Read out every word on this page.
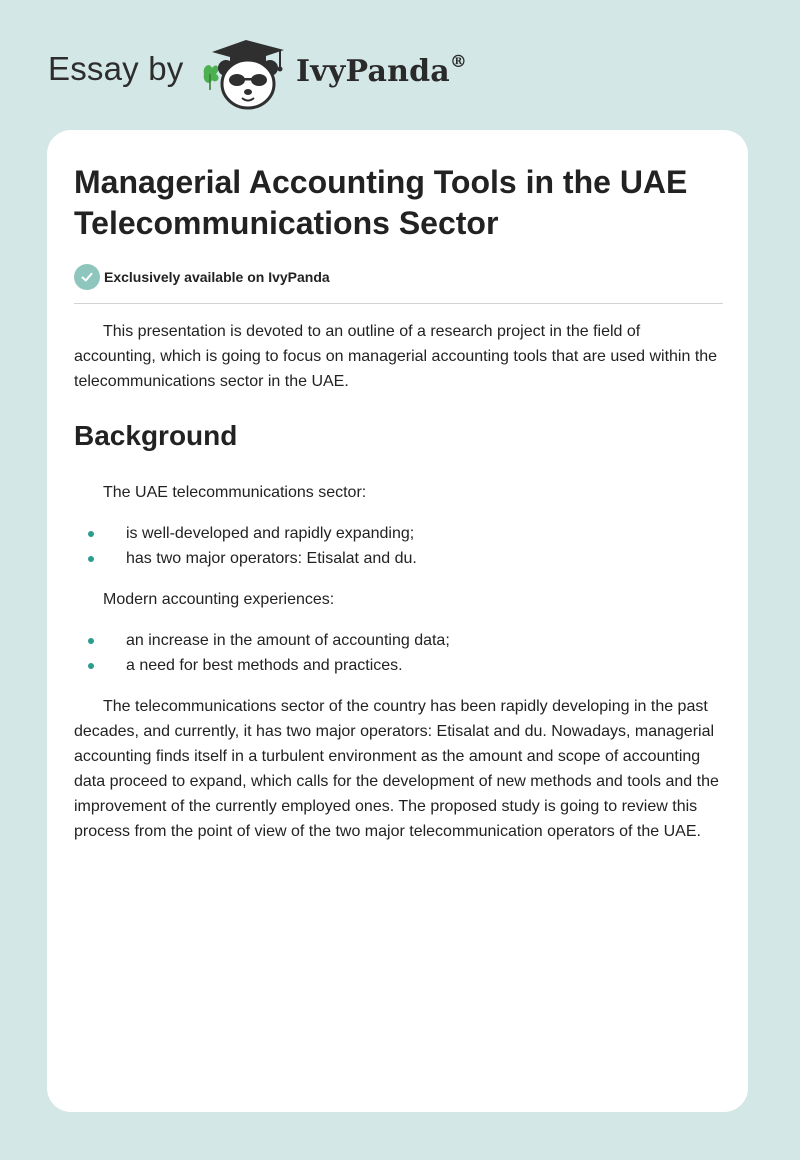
Essay by	IvyPanda®
Managerial Accounting Tools in the UAE Telecommunications Sector
Exclusively available on IvyPanda

This presentation is devoted to an outline of a research project in the field of accounting, which is going to focus on managerial accounting tools that are used within the telecommunications sector in the UAE.

Background

The UAE telecommunications sector:

is well-developed and rapidly expanding;
has two major operators: Etisalat and du.

Modern accounting experiences:

an increase in the amount of accounting data;
a need for best methods and practices.

The telecommunications sector of the country has been rapidly developing in the past decades, and currently, it has two major operators: Etisalat and du. Nowadays, managerial accounting finds itself in a turbulent environment as the amount and scope of accounting data proceed to expand, which calls for the development of new methods and tools and the improvement of the currently employed ones. The proposed study is going to review this process from the point of view of the two major telecommunication operators of the UAE.
